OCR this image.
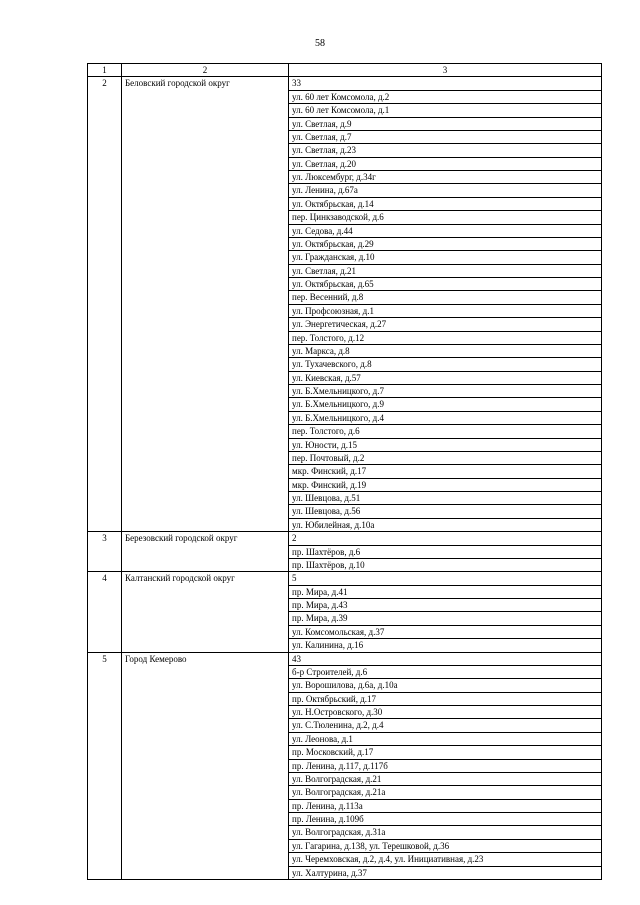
58
1	2	3
2	Беловский городской округ	33
		ул. 60 лет Комсомола, д.2
		ул. 60 лет Комсомола, д.1
		ул. Светлая, д.9
		ул. Светлая, д.7
		ул. Светлая, д.23
		ул. Светлая, д.20
		ул. Люксембург, д.34г
		ул. Ленина, д.67а
		ул. Октябрьская, д.14
		пер. Цинкзаводской, д.6
		ул. Седова, д.44
		ул. Октябрьская, д.29
		ул. Гражданская, д.10
		ул. Светлая, д.21
		ул. Октябрьская, д.65
		пер. Весенний, д.8
		ул. Профсоюзная, д.1
		ул. Энергетическая, д.27
		пер. Толстого, д.12
		ул. Маркса, д.8
		ул. Тухачевского, д.8
		ул. Киевская, д.57
		ул. Б.Хмельницкого, д.7
		ул. Б.Хмельницкого, д.9
		ул. Б.Хмельницкого, д.4
		пер. Толстого, д.6
		ул. Юности, д.15
		пер. Почтовый, д.2
		мкр. Финский, д.17
		мкр. Финский, д.19
		ул. Шевцова, д.51
		ул. Шевцова, д.56
		ул. Юбилейная, д.10а
3	Березовский городской округ	2
		пр. Шахтёров, д.6
		пр. Шахтёров, д.10
4	Калтанский городской округ	5
		пр. Мира, д.41
		пр. Мира, д.43
		пр. Мира, д.39
		ул. Комсомольская, д.37
		ул. Калинина, д.16
5	Город Кемерово	43
		б-р Строителей, д.6
		ул. Ворошилова, д.6а, д.10а
		пр. Октябрьский, д.17
		ул. Н.Островского, д.30
		ул. С.Тюленина, д.2, д.4
		ул. Леонова, д.1
		пр. Московский, д.17
		пр. Ленина, д.117, д.117б
		ул. Волгоградская, д.21
		ул. Волгоградская, д.21а
		пр. Ленина, д.113а
		пр. Ленина, д.109б
		ул. Волгоградская, д.31а
		ул. Гагарина, д.138, ул. Терешковой, д.36
		ул. Черемховская, д.2, д.4, ул. Инициативная, д.23
		ул. Халтурина, д.37
